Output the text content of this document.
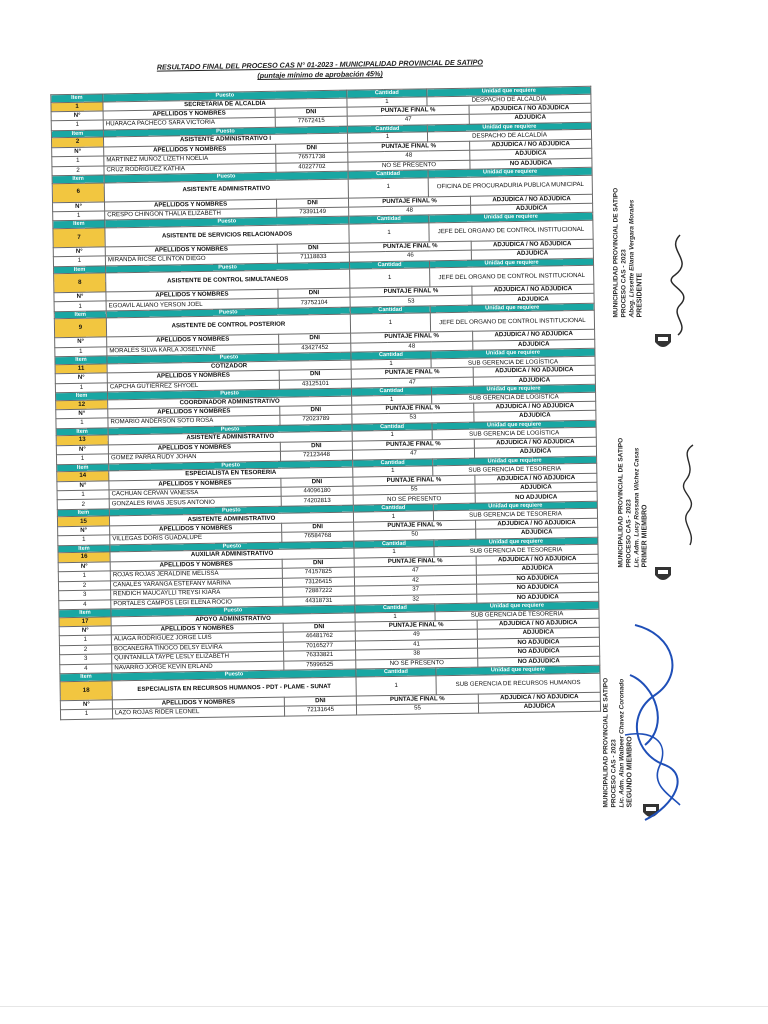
RESULTADO FINAL DEL PROCESO CAS N° 01-2023 - MUNICIPALIDAD PROVINCIAL DE SATIPO
(puntaje mínimo de aprobación 45%)
Item	Puesto		Cantidad	Unidad que requiere	
1	SECRETARIA DE ALCALDÍA		1	DESPACHO DE ALCALDÍA	
N°	APELLIDOS Y NOMBRES	DNI	PUNTAJE FINAL %		ADJUDICA / NO ADJUDICA
1	HUARACA PACHECO SARA VICTORIA	77672415	47		ADJUDICA
Item	Puesto		Cantidad	Unidad que requiere	
2	ASISTENTE ADMINISTRATIVO I		1	DESPACHO DE ALCALDÍA	
N°	APELLIDOS Y NOMBRES	DNI	PUNTAJE FINAL %		ADJUDICA / NO ADJUDICA
1	MARTINEZ MUÑOZ LIZETH NOELIA	76571738	48		ADJUDICA
2	CRUZ RODRIGUEZ KATHIA	40227702	NO SE PRESENTO		NO ADJUDICA
Item	Puesto		Cantidad	Unidad que requiere	
6	ASISTENTE ADMINISTRATIVO		1	OFICINA DE PROCURADURIA PUBLICA MUNICIPAL	
N°	APELLIDOS Y NOMBRES	DNI	PUNTAJE FINAL %		ADJUDICA / NO ADJUDICA
1	CRESPO CHINGON THALIA ELIZABETH	73391149	48		ADJUDICA
Item	Puesto		Cantidad	Unidad que requiere	
7	ASISTENTE DE SERVICIOS RELACIONADOS		1	JEFE DEL ORGANO DE CONTROL INSTITUCIONAL	
N°	APELLIDOS Y NOMBRES	DNI	PUNTAJE FINAL %		ADJUDICA / NO ADJUDICA
1	MIRANDA RICSE CLINTON DIEGO	71118833	46		ADJUDICA
Item	Puesto		Cantidad	Unidad que requiere	
8	ASISTENTE DE CONTROL SIMULTANEOS		1	JEFE DEL ORGANO DE CONTROL INSTITUCIONAL	
N°	APELLIDOS Y NOMBRES	DNI	PUNTAJE FINAL %		ADJUDICA / NO ADJUDICA
1	EGOAVIL ALIANO YERSON JOEL	73752104	53		ADJUDICA
Item	Puesto		Cantidad	Unidad que requiere	
9	ASISTENTE DE CONTROL POSTERIOR		1	JEFE DEL ORGANO DE CONTROL INSTITUCIONAL	
N°	APELLIDOS Y NOMBRES	DNI	PUNTAJE FINAL %		ADJUDICA / NO ADJUDICA
1	MORALES SILVA KARLA JOSELYNNE	43427452	48		ADJUDICA
Item	Puesto		Cantidad	Unidad que requiere	
11	COTIZADOR		1	SUB GERENCIA DE LOGÍSTICA	
N°	APELLIDOS Y NOMBRES	DNI	PUNTAJE FINAL %		ADJUDICA / NO ADJUDICA
1	CAPCHA GUTIERREZ SHYOEL	43125101	47		ADJUDICA
Item	Puesto		Cantidad	Unidad que requiere	
12	COORDINADOR ADMINISTRATIVO		1	SUB GERENCIA DE LOGÍSTICA	
N°	APELLIDOS Y NOMBRES	DNI	PUNTAJE FINAL %		ADJUDICA / NO ADJUDICA
1	ROMARIO ANDERSON SOTO ROSA	72023789	53		ADJUDICA
Item	Puesto		Cantidad	Unidad que requiere	
13	ASISTENTE ADMINISTRATIVO		1	SUB GERENCIA DE LOGÍSTICA	
N°	APELLIDOS Y NOMBRES	DNI	PUNTAJE FINAL %		ADJUDICA / NO ADJUDICA
1	GOMEZ PARRA RUDY JOHAN	72123448	47		ADJUDICA
Item	Puesto		Cantidad	Unidad que requiere	
14	ESPECIALISTA EN TESORERIA		1	SUB GERENCIA DE TESORERIA	
N°	APELLIDOS Y NOMBRES	DNI	PUNTAJE FINAL %		ADJUDICA / NO ADJUDICA
1	CACHUAN CERVAN VANESSA	44096180	55		ADJUDICA
2	GONZALES RIVAS JESUS ANTONIO	74202813	NO SE PRESENTO		NO ADJUDICA
Item	Puesto		Cantidad	Unidad que requiere	
15	ASISTENTE ADMINISTRATIVO		1	SUB GERENCIA DE TESORERIA	
N°	APELLIDOS Y NOMBRES	DNI	PUNTAJE FINAL %		ADJUDICA / NO ADJUDICA
1	VILLEGAS DORIS GUADALUPE	76584768	50		ADJUDICA
Item	Puesto		Cantidad	Unidad que requiere	
16	AUXILIAR ADMINISTRATIVO		1	SUB GERENCIA DE TESORERIA	
N°	APELLIDOS Y NOMBRES	DNI	PUNTAJE FINAL %		ADJUDICA / NO ADJUDICA
1	ROJAS ROJAS JERALDINE MELISSA	74157825	47		ADJUDICA
2	CANALES YARANGA ESTEFANY MARINA	73126415	42		NO ADJUDICA
3	RENDICH MAUCAYLLI TREYSI KIARA	72887222	37		NO ADJUDICA
4	PORTALES CAMPOS LEGI ELENA ROCIO	44318731	32		NO ADJUDICA
Item	Puesto		Cantidad	Unidad que requiere	
17	APOYO ADMINISTRATIVO		1	SUB GERENCIA DE TESORERIA	
N°	APELLIDOS Y NOMBRES	DNI	PUNTAJE FINAL %		ADJUDICA / NO ADJUDICA
1	ALIAGA RODRIGUEZ JORGE LUIS	46481762	49		ADJUDICA
2	BOCANEGRA TINOCO DELSY ELVIRA	70165277	41		NO ADJUDICA
3	QUINTANILLA TAYPE LESLY ELIZABETH	76333821	38		NO ADJUDICA
4	NAVARRO JORGE KEVIN ERLAND	75996525	NO SE PRESENTO		NO ADJUDICA
Item	Puesto		Cantidad	Unidad que requiere	
18	ESPECIALISTA EN RECURSOS HUMANOS - PDT - PLAME - SUNAT		1	SUB GERENCIA DE RECURSOS HUMANOS	
N°	APELLIDOS Y NOMBRES	DNI	PUNTAJE FINAL %		ADJUDICA / NO ADJUDICA
1	LAZO ROJAS RIDER LEONEL	72131645	55		ADJUDICA
MUNICIPALIDAD PROVINCIAL DE SATIPO PROCESO CAS - 2023 Abog. Lissette Eliana Vergara Morales PRESIDENTE
MUNICIPALIDAD PROVINCIAL DE SATIPO PROCESO CAS - 2023 Lic. Adm. Lucy Rossana Vilchez Casas PRIMER MIEMBRO
MUNICIPALIDAD PROVINCIAL DE SATIPO PROCESO CAS - 2023 Lic. Adm. Alan Walbeer Chavez Coronado SEGUNDO MIEMBRO
